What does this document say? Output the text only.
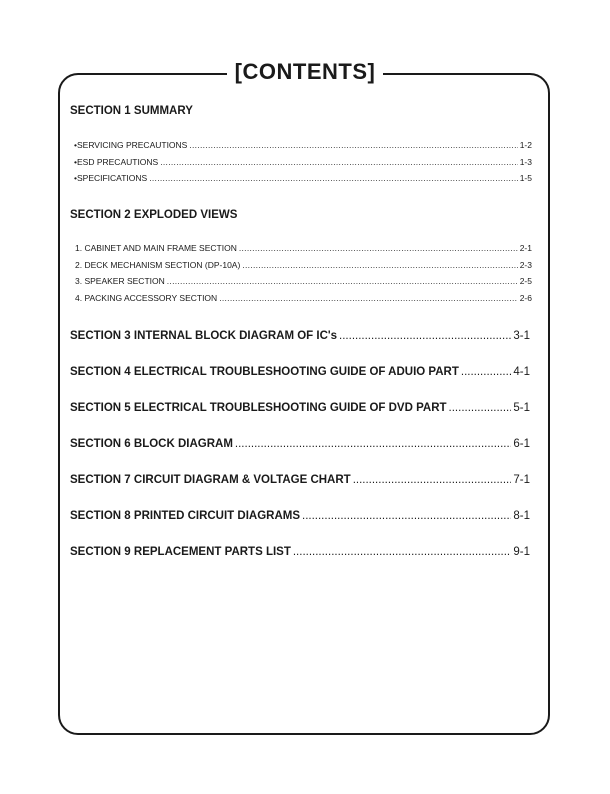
[CONTENTS]
SECTION 1 SUMMARY
• SERVICING PRECAUTIONS .....	1-2
• ESD PRECAUTIONS .....	1-3
• SPECIFICATIONS .....	1-5
SECTION 2 EXPLODED VIEWS
1. CABINET AND MAIN FRAME SECTION .....	2-1
2. DECK MECHANISM SECTION (DP-10A) .....	2-3
3. SPEAKER SECTION .....	2-5
4. PACKING ACCESSORY SECTION .....	2-6
SECTION 3 INTERNAL BLOCK DIAGRAM OF IC's .....	3-1
SECTION 4 ELECTRICAL TROUBLESHOOTING GUIDE OF ADUIO PART .....	4-1
SECTION 5 ELECTRICAL TROUBLESHOOTING GUIDE OF DVD PART .....	5-1
SECTION 6 BLOCK DIAGRAM .....	6-1
SECTION 7 CIRCUIT DIAGRAM & VOLTAGE CHART .....	7-1
SECTION 8 PRINTED CIRCUIT DIAGRAMS .....	8-1
SECTION 9 REPLACEMENT PARTS LIST .....	9-1
